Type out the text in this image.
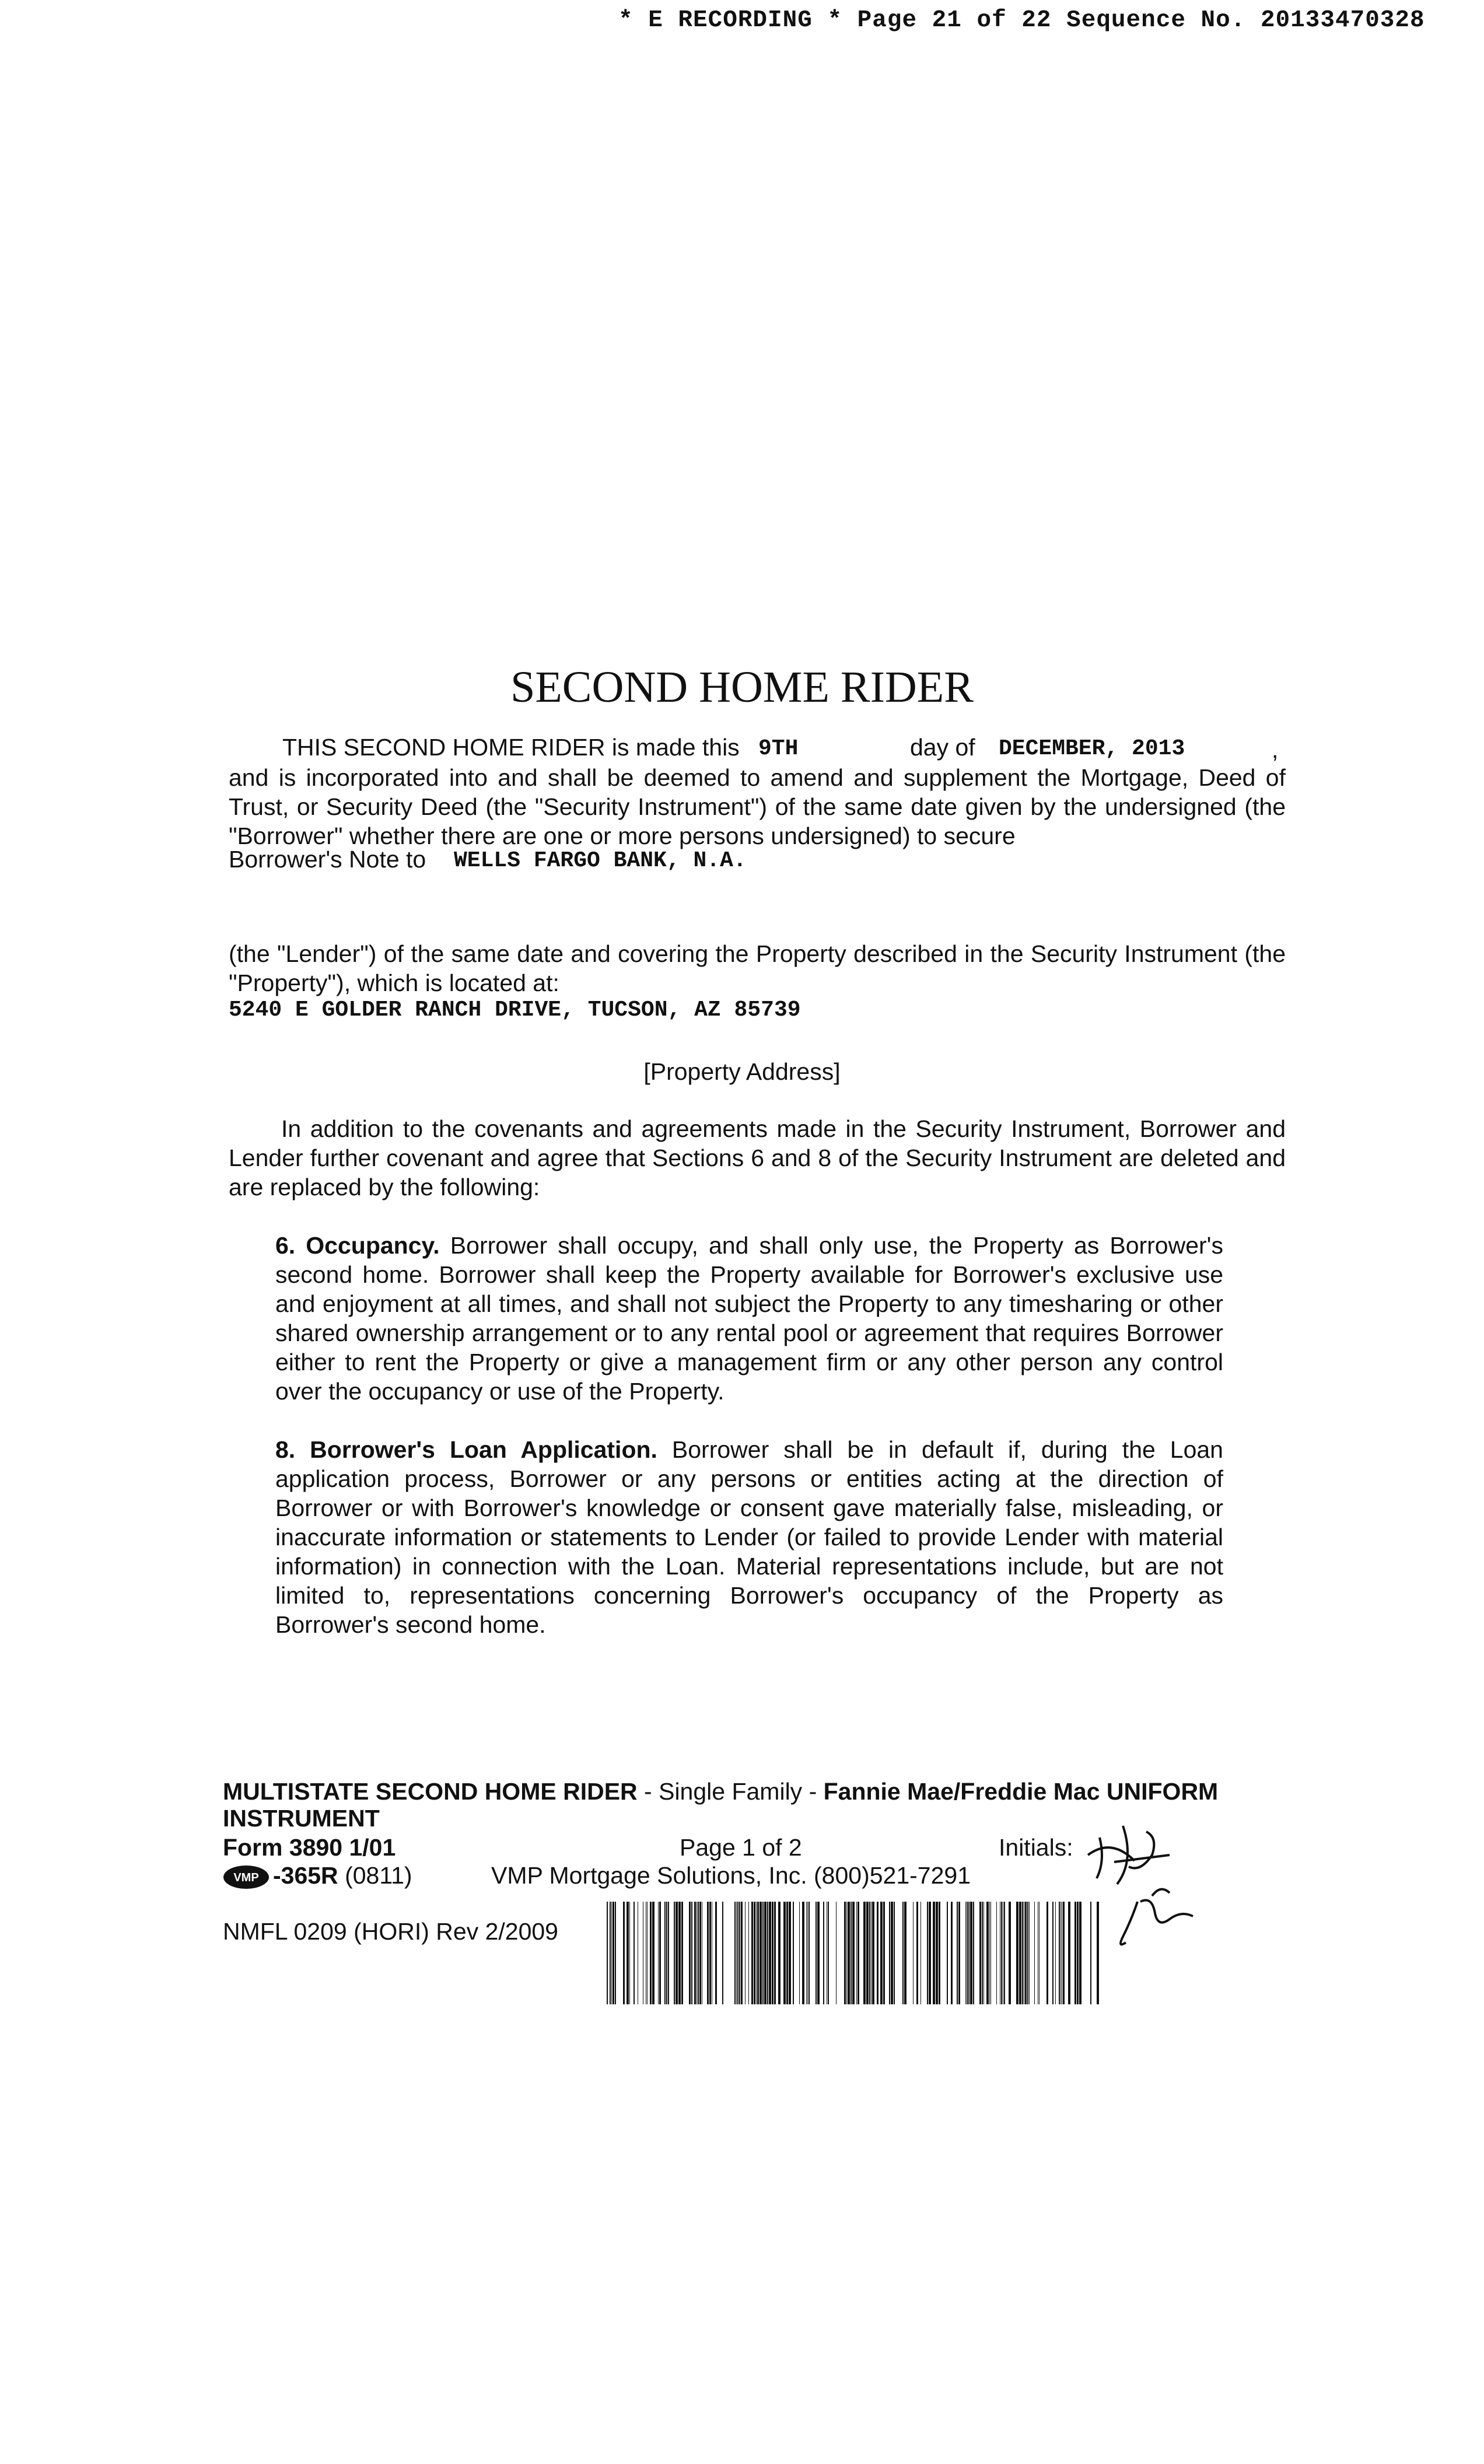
* E RECORDING * Page 21 of 22 Sequence No. 20133470328
SECOND HOME RIDER
THIS SECOND HOME RIDER is made this 9TH	day of DECEMBER, 2013	,
and is incorporated into and shall be deemed to amend and supplement the Mortgage, Deed of Trust, or Security Deed (the "Security Instrument") of the same date given by the undersigned (the "Borrower" whether there are one or more persons undersigned) to secure
Borrower's Note to WELLS FARGO BANK, N.A.
(the "Lender") of the same date and covering the Property described in the Security Instrument (the "Property"), which is located at:
5240 E GOLDER RANCH DRIVE, TUCSON, AZ 85739
[Property Address]
In addition to the covenants and agreements made in the Security Instrument, Borrower and Lender further covenant and agree that Sections 6 and 8 of the Security Instrument are deleted and are replaced by the following:
6. Occupancy. Borrower shall occupy, and shall only use, the Property as Borrower's second home. Borrower shall keep the Property available for Borrower's exclusive use and enjoyment at all times, and shall not subject the Property to any timesharing or other shared ownership arrangement or to any rental pool or agreement that requires Borrower either to rent the Property or give a management firm or any other person any control over the occupancy or use of the Property.
8. Borrower's Loan Application. Borrower shall be in default if, during the Loan application process, Borrower or any persons or entities acting at the direction of Borrower or with Borrower's knowledge or consent gave materially false, misleading, or inaccurate information or statements to Lender (or failed to provide Lender with material information) in connection with the Loan. Material representations include, but are not limited to, representations concerning Borrower's occupancy of the Property as Borrower's second home.
MULTISTATE SECOND HOME RIDER - Single Family - Fannie Mae/Freddie Mac UNIFORM INSTRUMENT
Form 3890 1/01	Page 1 of 2	Initials:
VMP -365R (0811)	VMP Mortgage Solutions, Inc. (800)521-7291
NMFL 0209 (HORI) Rev 2/2009
